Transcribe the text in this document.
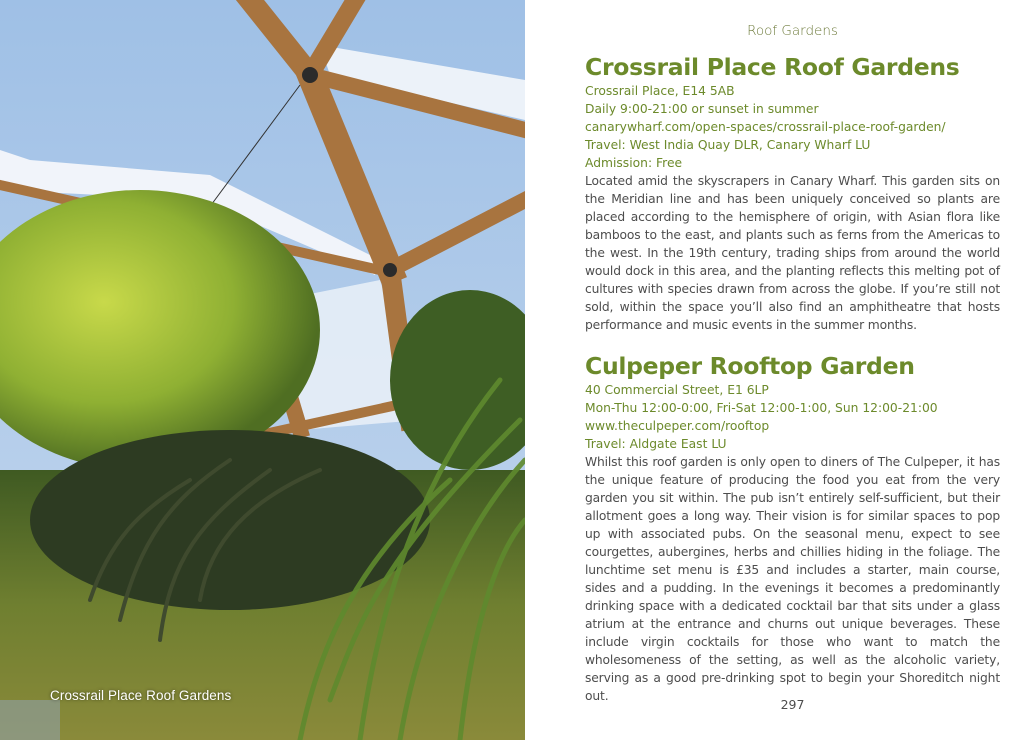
Crossrail Place Roof Gardens
Roof Gardens
Crossrail Place Roof Gardens
Crossrail Place, E14 5AB
Daily 9:00-21:00 or sunset in summer
canarywharf.com/open-spaces/crossrail-place-roof-garden/
Travel: West India Quay DLR, Canary Wharf LU
Admission: Free

Located amid the skyscrapers in Canary Wharf. This garden sits on the Meridian line and has been uniquely conceived so plants are placed according to the hemisphere of origin, with Asian flora like bamboos to the east, and plants such as ferns from the Americas to the west. In the 19th century, trading ships from around the world would dock in this area, and the planting reflects this melting pot of cultures with species drawn from across the globe. If you’re still not sold, within the space you’ll also find an amphitheatre that hosts performance and music events in the summer months.

Culpeper Rooftop Garden
40 Commercial Street, E1 6LP
Mon-Thu 12:00-0:00, Fri-Sat 12:00-1:00, Sun 12:00-21:00
www.theculpeper.com/rooftop
Travel: Aldgate East LU

Whilst this roof garden is only open to diners of The Culpeper, it has the unique feature of producing the food you eat from the very garden you sit within. The pub isn’t entirely self-sufficient, but their allotment goes a long way. Their vision is for similar spaces to pop up with associated pubs. On the seasonal menu, expect to see courgettes, aubergines, herbs and chillies hiding in the foliage. The lunchtime set menu is £35 and includes a starter, main course, sides and a pudding. In the evenings it becomes a predominantly drinking space with a dedicated cocktail bar that sits under a glass atrium at the entrance and churns out unique beverages. These include virgin cocktails for those who want to match the wholesomeness of the setting, as well as the alcoholic variety, serving as a good pre-drinking spot to begin your Shoreditch night out.

297
